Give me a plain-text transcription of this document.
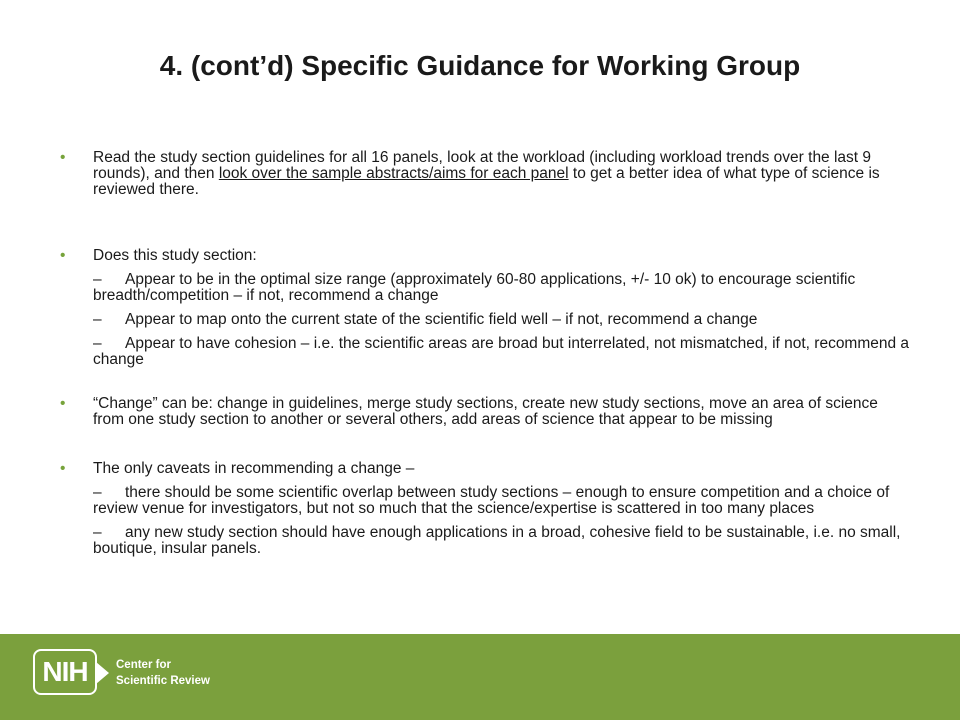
4. (cont’d) Specific Guidance for Working Group

• Read the study section guidelines for all 16 panels, look at the workload (including workload trends over the last 9 rounds), and then look over the sample abstracts/aims for each panel to get a better idea of what type of science is reviewed there.

• Does this study section:

–	Appear to be in the optimal size range (approximately 60-80 applications, +/- 10 ok) to encourage scientific breadth/competition – if not, recommend a change

–	Appear to map onto the current state of the scientific field well – if not, recommend a change

–	Appear to have cohesion – i.e. the scientific areas are broad but interrelated, not mismatched, if not, recommend a change

• “Change” can be: change in guidelines, merge study sections, create new study sections, move an area of science from one study section to another or several others, add areas of science that appear to be missing

• The only caveats in recommending a change –

–	there should be some scientific overlap between study sections – enough to ensure competition and a choice of review venue for investigators, but not so much that the science/expertise is scattered in too many places

–	any new study section should have enough applications in a broad, cohesive field to be sustainable, i.e. no small, boutique, insular panels.

NIH	Center for
Scientific Review
